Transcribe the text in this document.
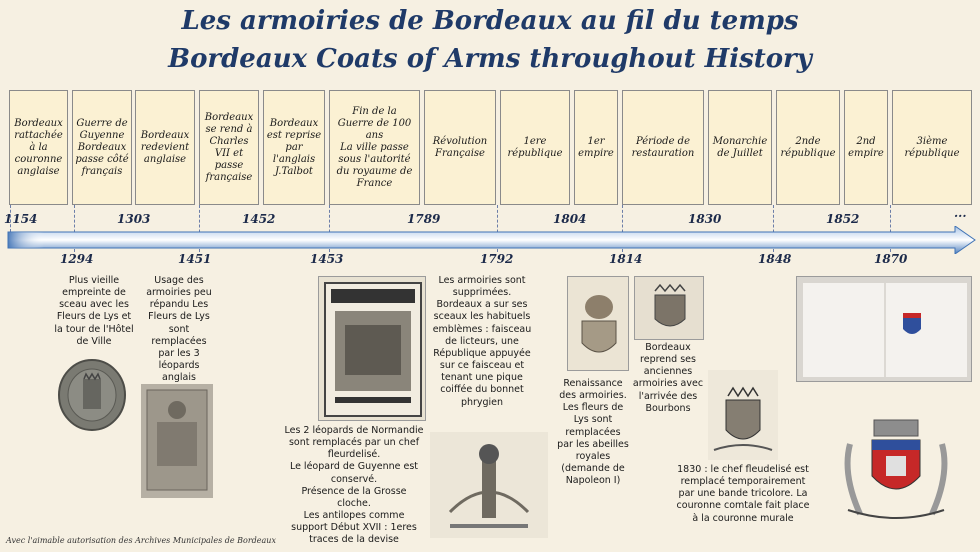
Les armoiries de Bordeaux au fil du temps
Bordeaux Coats of Arms throughout History
Bordeaux
rattachée
à la
couronne
anglaise
Guerre de
Guyenne
Bordeaux
passe côté
français
Bordeaux
redevient
anglaise
Bordeaux
se rend à
Charles
VII et
passe
française
Bordeaux
est reprise
par
l'anglais
J.Talbot
Fin de la
Guerre de 100
ans
La ville passe
sous l'autorité
du royaume de
France
Révolution
Française
1ere
république
1er
empire
Période de
restauration
Monarchie
de Juillet
2nde
république
2nd
empire
3ième
république
1154	1303	1452	1789	1804	1830	1852	...
1294	1451	1453	1792	1814	1848	1870
Plus vieille empreinte de sceau avec les Fleurs de Lys et la tour de l'Hôtel de Ville
Usage des armoiries peu répandu Les Fleurs de Lys sont remplacées par les 3 léopards anglais
Les 2 léopards de Normandie sont remplacés par un chef fleurdelisé.
Le léopard de Guyenne est conservé.
Présence de la Grosse cloche.
Les antilopes comme support Début XVII : 1eres traces de la devise
Les armoiries sont supprimées. Bordeaux a sur ses sceaux les habituels emblèmes : faisceau de licteurs, une République appuyée sur ce faisceau et tenant une pique coiffée du bonnet phrygien
Renaissance des armoiries. Les fleurs de Lys sont remplacées par les abeilles royales (demande de Napoleon I)
Bordeaux reprend ses anciennes armoiries avec l'arrivée des Bourbons
1830 : le chef fleudelisé est remplacé temporairement par une bande tricolore. La couronne comtale fait place à la couronne murale
Avec l'aimable autorisation des Archives Municipales de Bordeaux
